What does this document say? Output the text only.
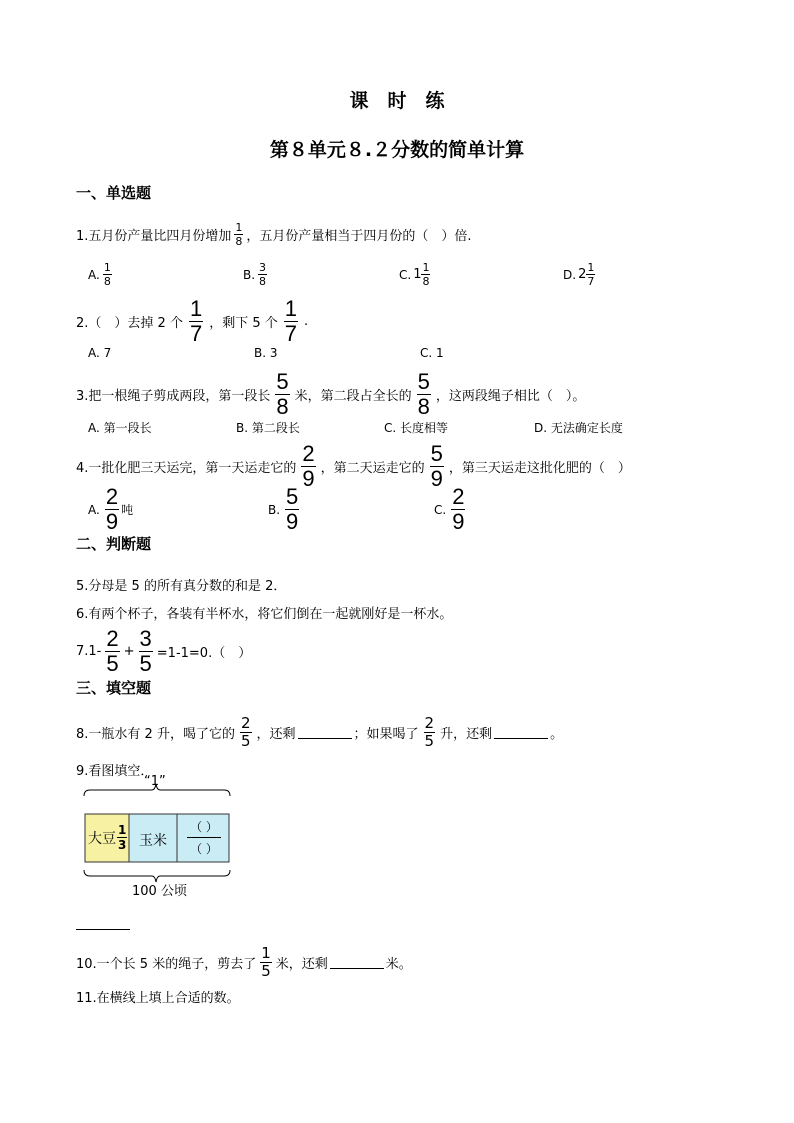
课　时　练
第８单元８.２分数的简单计算
一、单选题
1.五月份产量比四月份增加 $\frac{1}{8}$ ，五月份产量相当于四月份的（　）倍.
A. $\frac{1}{8}$	B. $\frac{3}{8}$	C. $1 \frac{1}{8}$	D. $2 \frac{1}{7}$
2.（　）去掉 2 个 $\frac{1}{7}$ ，剩下 5 个 $\frac{1}{7}$ .
A. 7	B. 3	C. 1
3.把一根绳子剪成两段，第一段长 $\frac{5}{8}$ 米，第二段占全长的 $\frac{5}{8}$ ，这两段绳子相比（　）。
A. 第一段长	B. 第二段长	C. 长度相等	D. 无法确定长度
4.一批化肥三天运完，第一天运走它的 $\frac{2}{9}$ ，第二天运走它的 $\frac{5}{9}$ ，第三天运走这批化肥的（　）
A. $\frac{2}{9}$ 吨	B. $\frac{5}{9}$	C. $\frac{2}{9}$
二、判断题
5.分母是 5 的所有真分数的和是 2．
6.有两个杯子，各装有半杯水，将它们倒在一起就刚好是一杯水。
$7.1- \frac{2}{5} + \frac{3}{5} =1-1=0$.（　）
三、填空题
8.一瓶水有 2 升，喝了它的 $\frac{2}{5}$ ，还剩	；如果喝了 $\frac{2}{5}$ 升，还剩	。
9.看图填空．
“1”
大豆 $\frac{1}{3}$ 玉米
（ ）
（ ）
100 公顷
10.一个长 5 米的绳子，剪去了 $\frac{1}{5}$ 米，还剩	米。
11.在横线上填上合适的数。
